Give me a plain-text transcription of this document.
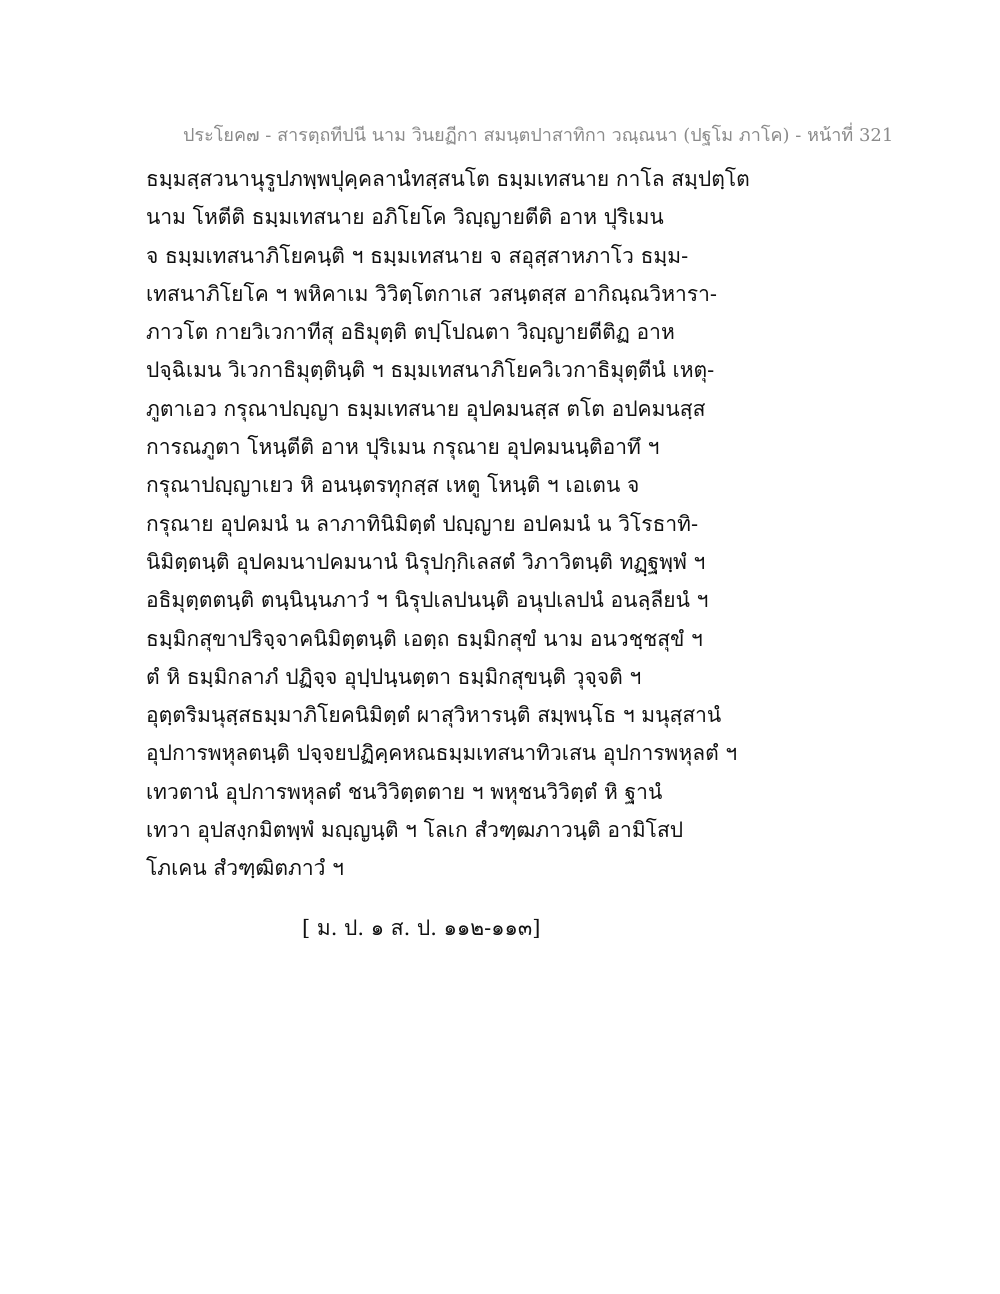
ประโยค๗ - สารตฺถทีปนี นาม วินยฏีกา สมนฺตปาสาทิกา วณฺณนา (ปฐโม ภาโค) - หน้าที่ 321
ธมฺมสฺสวนานุรูปภพฺพปุคฺคลานํทสฺสนโต ธมฺมเทสนาย กาโล สมฺปตฺโต
นาม โหตีติ ธมฺมเทสนาย อภิโยโค วิญฺญายตีติ อาห ปุริเมน
จ ธมฺมเทสนาภิโยคนฺติ ฯ ธมฺมเทสนาย จ สอุสฺสาหภาโว ธมฺม-
เทสนาภิโยโค ฯ พหิคาเม วิวิตฺโตกาเส วสนฺตสฺส อากิณฺณวิหารา-
ภาวโต กายวิเวกาทีสุ อธิมุตฺติ ตปฺโปณตา วิญฺญายตีติฏ อาห
ปจฺฉิเมน วิเวกาธิมุตฺตินฺติ ฯ ธมฺมเทสนาภิโยควิเวกาธิมุตฺตีนํ เหตุ-
ภูตาเอว กรุณาปญฺญา ธมฺมเทสนาย อุปคมนสฺส ตโต อปคมนสฺส
การณภูตา โหนฺตีติ อาห ปุริเมน กรุณาย อุปคมนนฺติอาทึ ฯ
กรุณาปญฺญาเยว หิ อนนฺตรทุกสฺส เหตู โหนฺติ ฯ เอเตน จ
กรุณาย อุปคมนํ น ลาภาทินิมิตฺตํ ปญฺญาย อปคมนํ น วิโรธาทิ-
นิมิตฺตนฺติ อุปคมนาปคมนานํ นิรุปกฺกิเลสตํ วิภาวิตนฺติ ทฏฺฐพฺพํ ฯ
อธิมุตฺตตนฺติ ตนฺนินฺนภาวํ ฯ นิรุปเลปนนฺติ อนุปเลปนํ อนลฺลียนํ ฯ
ธมฺมิกสุขาปริจฺจาคนิมิตฺตนฺติ เอตฺถ ธมฺมิกสุขํ นาม อนวชฺชสุขํ ฯ
ตํ หิ ธมฺมิกลาภํ ปฏิจฺจ อุปฺปนฺนตฺตา ธมฺมิกสุขนฺติ วุจฺจติ ฯ
อุตฺตริมนุสฺสธมฺมาภิโยคนิมิตฺตํ ผาสุวิหารนฺติ สมฺพนฺโธ ฯ มนุสฺสานํ
อุปการพหุลตนฺติ ปจฺจยปฏิคฺคหณธมฺมเทสนาทิวเสน อุปการพหุลตํ ฯ
เทวตานํ อุปการพหุลตํ ชนวิวิตฺตตาย ฯ พหุชนวิวิตฺตํ หิ ฐานํ
เทวา อุปสงฺกมิตพฺพํ มญฺญนฺติ ฯ โลเก สํวฑฺฒภาวนฺติ อามิโสป
โภเคน สํวฑฺฒิตภาวํ ฯ
[ ม. ป. ๑ ส. ป. ๑๑๒-๑๑๓]
